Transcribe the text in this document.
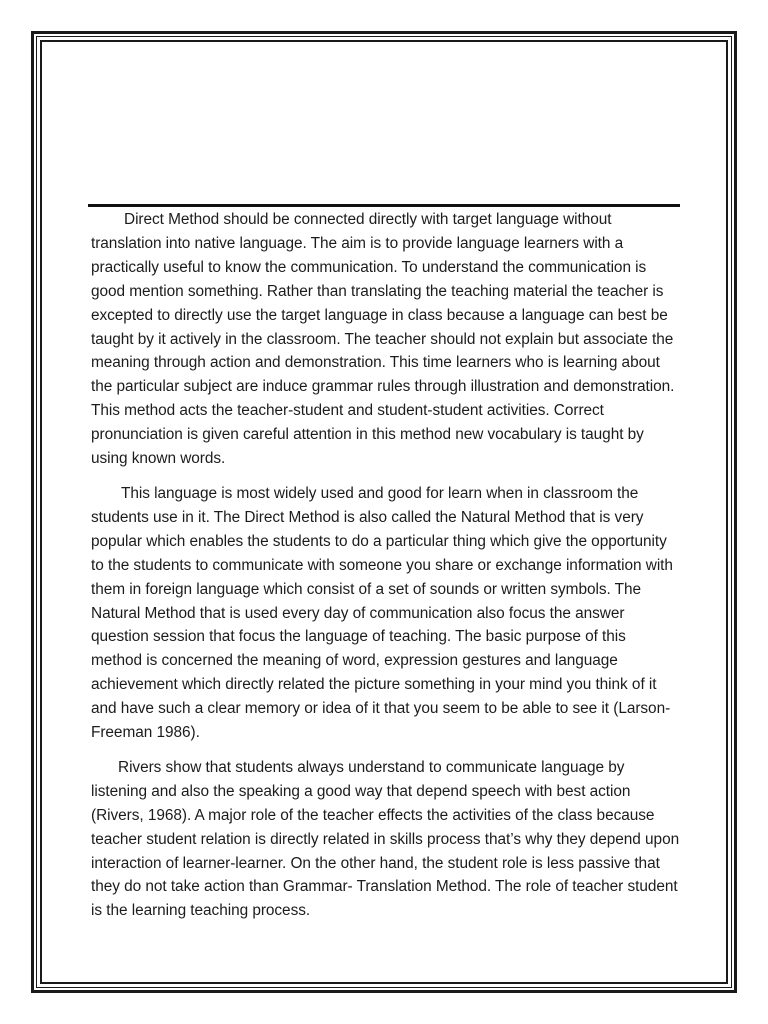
Direct Method should be connected directly with target language without translation into native language. The aim is to provide language learners with a practically useful to know the communication. To understand the communication is good mention something. Rather than translating the teaching material the teacher is excepted to directly use the target language in class because a language can best be taught by it actively in the classroom. The teacher should not explain but associate the meaning through action and demonstration. This time learners who is learning about the particular subject are induce grammar rules through illustration and demonstration. This method acts the teacher-student and student-student activities. Correct pronunciation is given careful attention in this method new vocabulary is taught by using known words.

This language is most widely used and good for learn when in classroom the students use in it. The Direct Method is also called the Natural Method that is very popular which enables the students to do a particular thing which give the opportunity to the students to communicate with someone you share or exchange information with them in foreign language which consist of a set of sounds or written symbols. The Natural Method that is used every day of communication also focus the answer question session that focus the language of teaching. The basic purpose of this method is concerned the meaning of word, expression gestures and language achievement which directly related the picture something in your mind you think of it and have such a clear memory or idea of it that you seem to be able to see it (Larson-Freeman 1986).

Rivers show that students always understand to communicate language by listening and also the speaking a good way that depend speech with best action (Rivers, 1968). A major role of the teacher effects the activities of the class because teacher student relation is directly related in skills process that’s why they depend upon interaction of learner-learner. On the other hand, the student role is less passive that they do not take action than Grammar- Translation Method. The role of teacher student is the learning teaching process.
